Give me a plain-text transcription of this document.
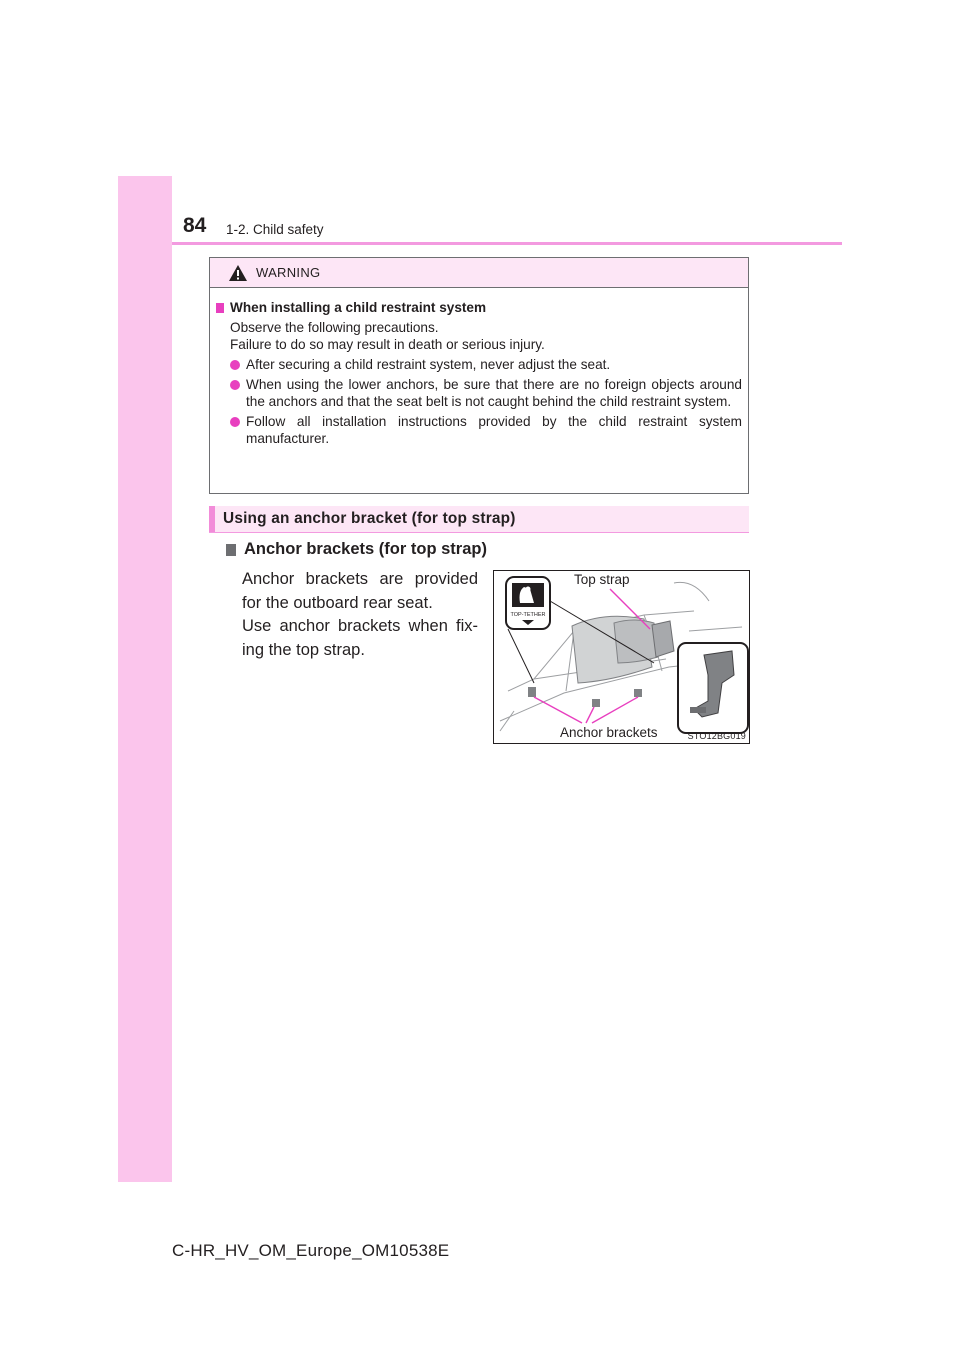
84 1-2. Child safety
WARNING
When installing a child restraint system
Observe the following precautions.
Failure to do so may result in death or serious injury.
After securing a child restraint system, never adjust the seat.
When using the lower anchors, be sure that there are no foreign objects around the anchors and that the seat belt is not caught behind the child restraint system.
Follow all installation instructions provided by the child restraint system manufacturer.
Using an anchor bracket (for top strap)
Anchor brackets (for top strap)
Anchor brackets are provided for the outboard rear seat.
Use anchor brackets when fix-ing the top strap.
TOP-TETHER
Top strap
Anchor brackets	STO12BG019
C-HR_HV_OM_Europe_OM10538E
